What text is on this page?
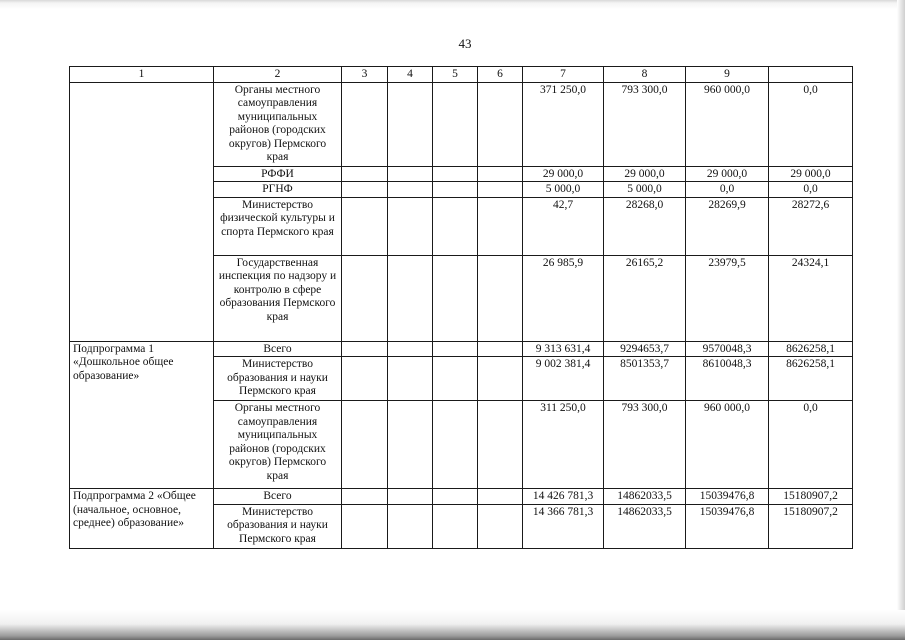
43
1	2	3	4	5	6	7	8	9	
	Органы местного самоуправления муниципальных районов (городских округов) Пермского края					371 250,0	793 300,0	960 000,0	0,0
	РФФИ					29 000,0	29 000,0	29 000,0	29 000,0
	РГНФ					5 000,0	5 000,0	0,0	0,0
	Министерство физической культуры и спорта Пермского края					42,7	28268,0	28269,9	28272,6
	Государственная инспекция по надзору и контролю в сфере образования Пермского края					26 985,9	26165,2	23979,5	24324,1
Подпрограмма 1 «Дошкольное общее образование»	Всего					9 313 631,4	9294653,7	9570048,3	8626258,1
	Министерство образования и науки Пермского края					9 002 381,4	8501353,7	8610048,3	8626258,1
	Органы местного самоуправления муниципальных районов (городских округов) Пермского края					311 250,0	793 300,0	960 000,0	0,0
Подпрограмма 2 «Общее (начальное, основное, среднее) образование»	Всего					14 426 781,3	14862033,5	15039476,8	15180907,2
	Министерство образования и науки Пермского края					14 366 781,3	14862033,5	15039476,8	15180907,2
